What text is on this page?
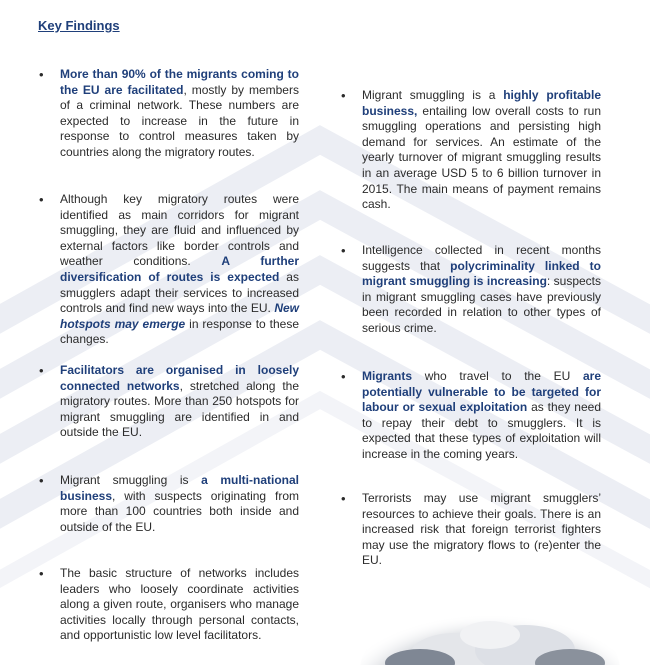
Key Findings
• More than 90% of the migrants coming to the EU are facilitated, mostly by members of a criminal network. These numbers are expected to increase in the future in response to control measures taken by countries along the migratory routes.
• Although key migratory routes were identified as main corridors for migrant smuggling, they are fluid and influenced by external factors like border controls and weather conditions. A further diversification of routes is expected as smugglers adapt their services to increased controls and find new ways into the EU. New hotspots may emerge in response to these changes.
• Facilitators are organised in loosely connected networks, stretched along the migratory routes. More than 250 hotspots for migrant smuggling are identified in and outside the EU.
• Migrant smuggling is a multi-national business, with suspects originating from more than 100 countries both inside and outside of the EU.
• The basic structure of networks includes leaders who loosely coordinate activities along a given route, organisers who manage activities locally through personal contacts, and opportunistic low level facilitators.
• Migrant smuggling is a highly profitable business, entailing low overall costs to run smuggling operations and persisting high demand for services. An estimate of the yearly turnover of migrant smuggling results in an average USD 5 to 6 billion turnover in 2015. The main means of payment remains cash.
• Intelligence collected in recent months suggests that polycriminality linked to migrant smuggling is increasing: suspects in migrant smuggling cases have previously been recorded in relation to other types of serious crime.
• Migrants who travel to the EU are potentially vulnerable to be targeted for labour or sexual exploitation as they need to repay their debt to smugglers. It is expected that these types of exploitation will increase in the coming years.
• Terrorists may use migrant smugglers’ resources to achieve their goals. There is an increased risk that foreign terrorist fighters may use the migratory flows to (re)enter the EU.
